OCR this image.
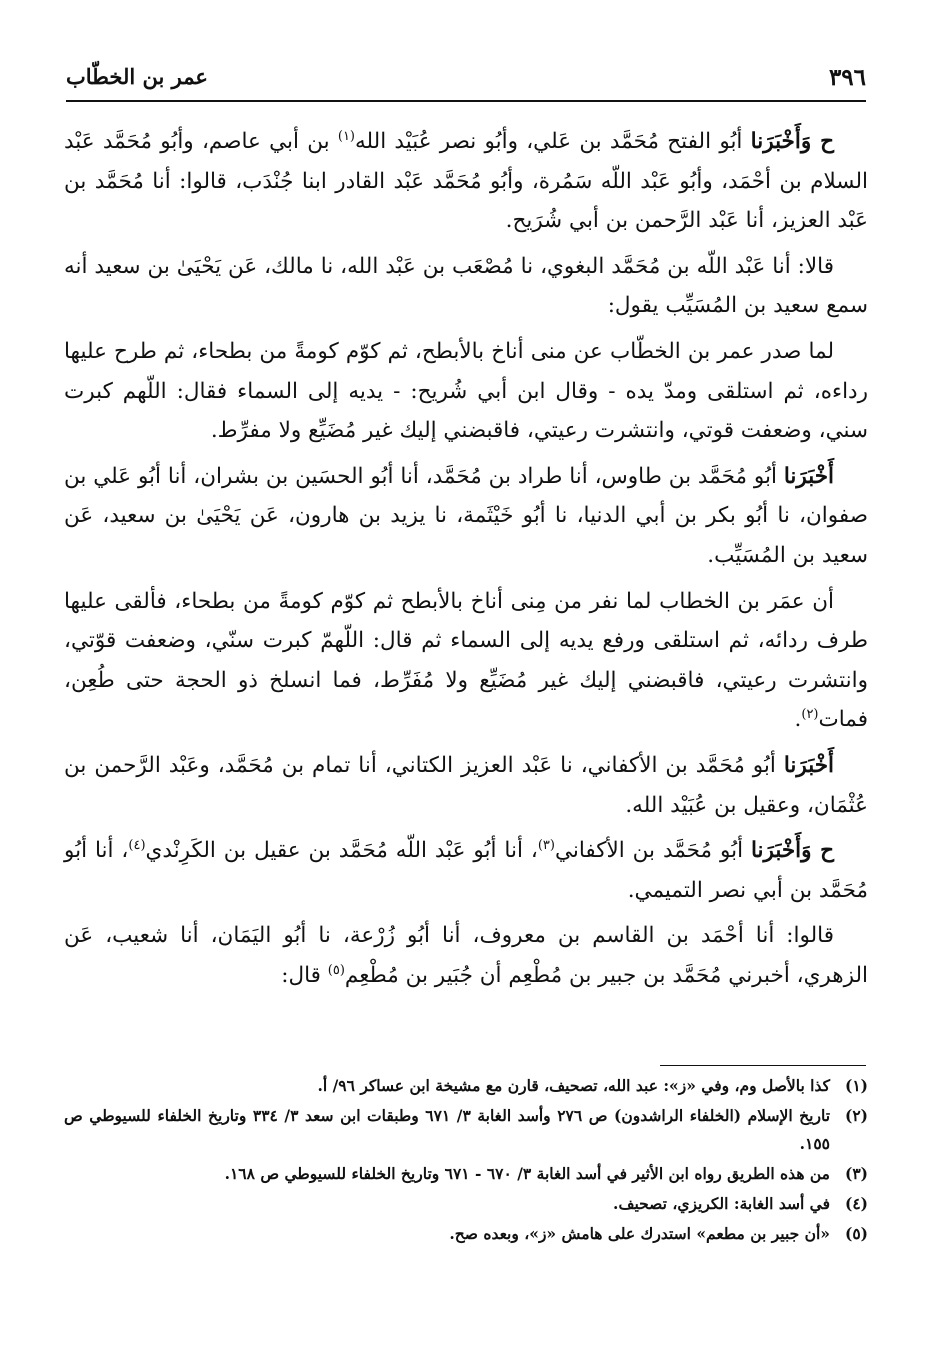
٣٩٦
عمر بن الخطّاب

ح وَأَخْبَرَنا أبُو الفتح مُحَمَّد بن عَلي، وأبُو نصر عُبَيْد الله$^{(١)}$ بن أبي عاصم، وأبُو مُحَمَّد عَبْد السلام بن أحْمَد، وأبُو عَبْد اللّه سَمُرة، وأبُو مُحَمَّد عَبْد القادر ابنا جُنْدَب، قالوا: أنا مُحَمَّد بن عَبْد العزيز، أنا عَبْد الرَّحمن بن أبي شُرَيح.

قالا: أنا عَبْد اللّه بن مُحَمَّد البغوي، نا مُصْعَب بن عَبْد الله، نا مالك، عَن يَحْيَىٰ بن سعيد أنه سمع سعيد بن المُسَيِّب يقول:

لما صدر عمر بن الخطّاب عن منى أناخ بالأبطح، ثم كوّم كومةً من بطحاء، ثم طرح عليها رداءه، ثم استلقى ومدّ يده - وقال ابن أبي شُريح: - يديه إلى السماء فقال: اللّهم كبرت سني، وضعفت قوتي، وانتشرت رعيتي، فاقبضني إليك غير مُضَيِّع ولا مفرِّط.

أَخْبَرَنا أبُو مُحَمَّد بن طاوس، أنا طراد بن مُحَمَّد، أنا أبُو الحسَين بن بشران، أنا أبُو عَلي بن صفوان، نا أبُو بكر بن أبي الدنيا، نا أبُو خَيْثَمة، نا يزيد بن هارون، عَن يَحْيَىٰ بن سعيد، عَن سعيد بن المُسَيِّب.

أن عمَر بن الخطاب لما نفر من مِنى أناخ بالأبطح ثم كوّم كومةً من بطحاء، فألقى عليها طرف ردائه، ثم استلقى ورفع يديه إلى السماء ثم قال: اللّهمّ كبرت سنّي، وضعفت قوّتي، وانتشرت رعيتي، فاقبضني إليك غير مُضَيِّع ولا مُفَرِّط، فما انسلخ ذو الحجة حتى طُعِن، فمات$^{(٢)}$.

أَخْبَرَنا أبُو مُحَمَّد بن الأكفاني، نا عَبْد العزيز الكتاني، أنا تمام بن مُحَمَّد، وعَبْد الرَّحمن بن عُثْمَان، وعقيل بن عُبَيْد الله.

ح وَأَخْبَرَنا أبُو مُحَمَّد بن الأكفاني$^{(٣)}$، أنا أبُو عَبْد اللّه مُحَمَّد بن عقيل بن الكَرِنْدي$^{(٤)}$، أنا أبُو مُحَمَّد بن أبي نصر التميمي.

قالوا: أنا أحْمَد بن القاسم بن معروف، أنا أبُو زُرْعة، نا أبُو اليَمَان، أنا شعيب، عَن الزهري، أخبرني مُحَمَّد بن جبير بن مُطْعِم أن جُبَير بن مُطْعِم$^{(٥)}$ قال:

(١)
كذا بالأصل وم، وفي «ز»: عبد الله، تصحيف، قارن مع مشيخة ابن عساكر ٩٦/ أ.
(٢)
تاريخ الإسلام (الخلفاء الراشدون) ص ٢٧٦ وأسد الغابة ٣/ ٦٧١ وطبقات ابن سعد ٣/ ٣٣٤ وتاريخ الخلفاء للسيوطي ص ١٥٥.
(٣)
من هذه الطريق رواه ابن الأثير في أسد الغابة ٣/ ٦٧٠ - ٦٧١ وتاريخ الخلفاء للسيوطي ص ١٦٨.
(٤)
في أسد الغابة: الكريزي، تصحيف.
(٥)
«أن جبير بن مطعم» استدرك على هامش «ز»، وبعده صح.
